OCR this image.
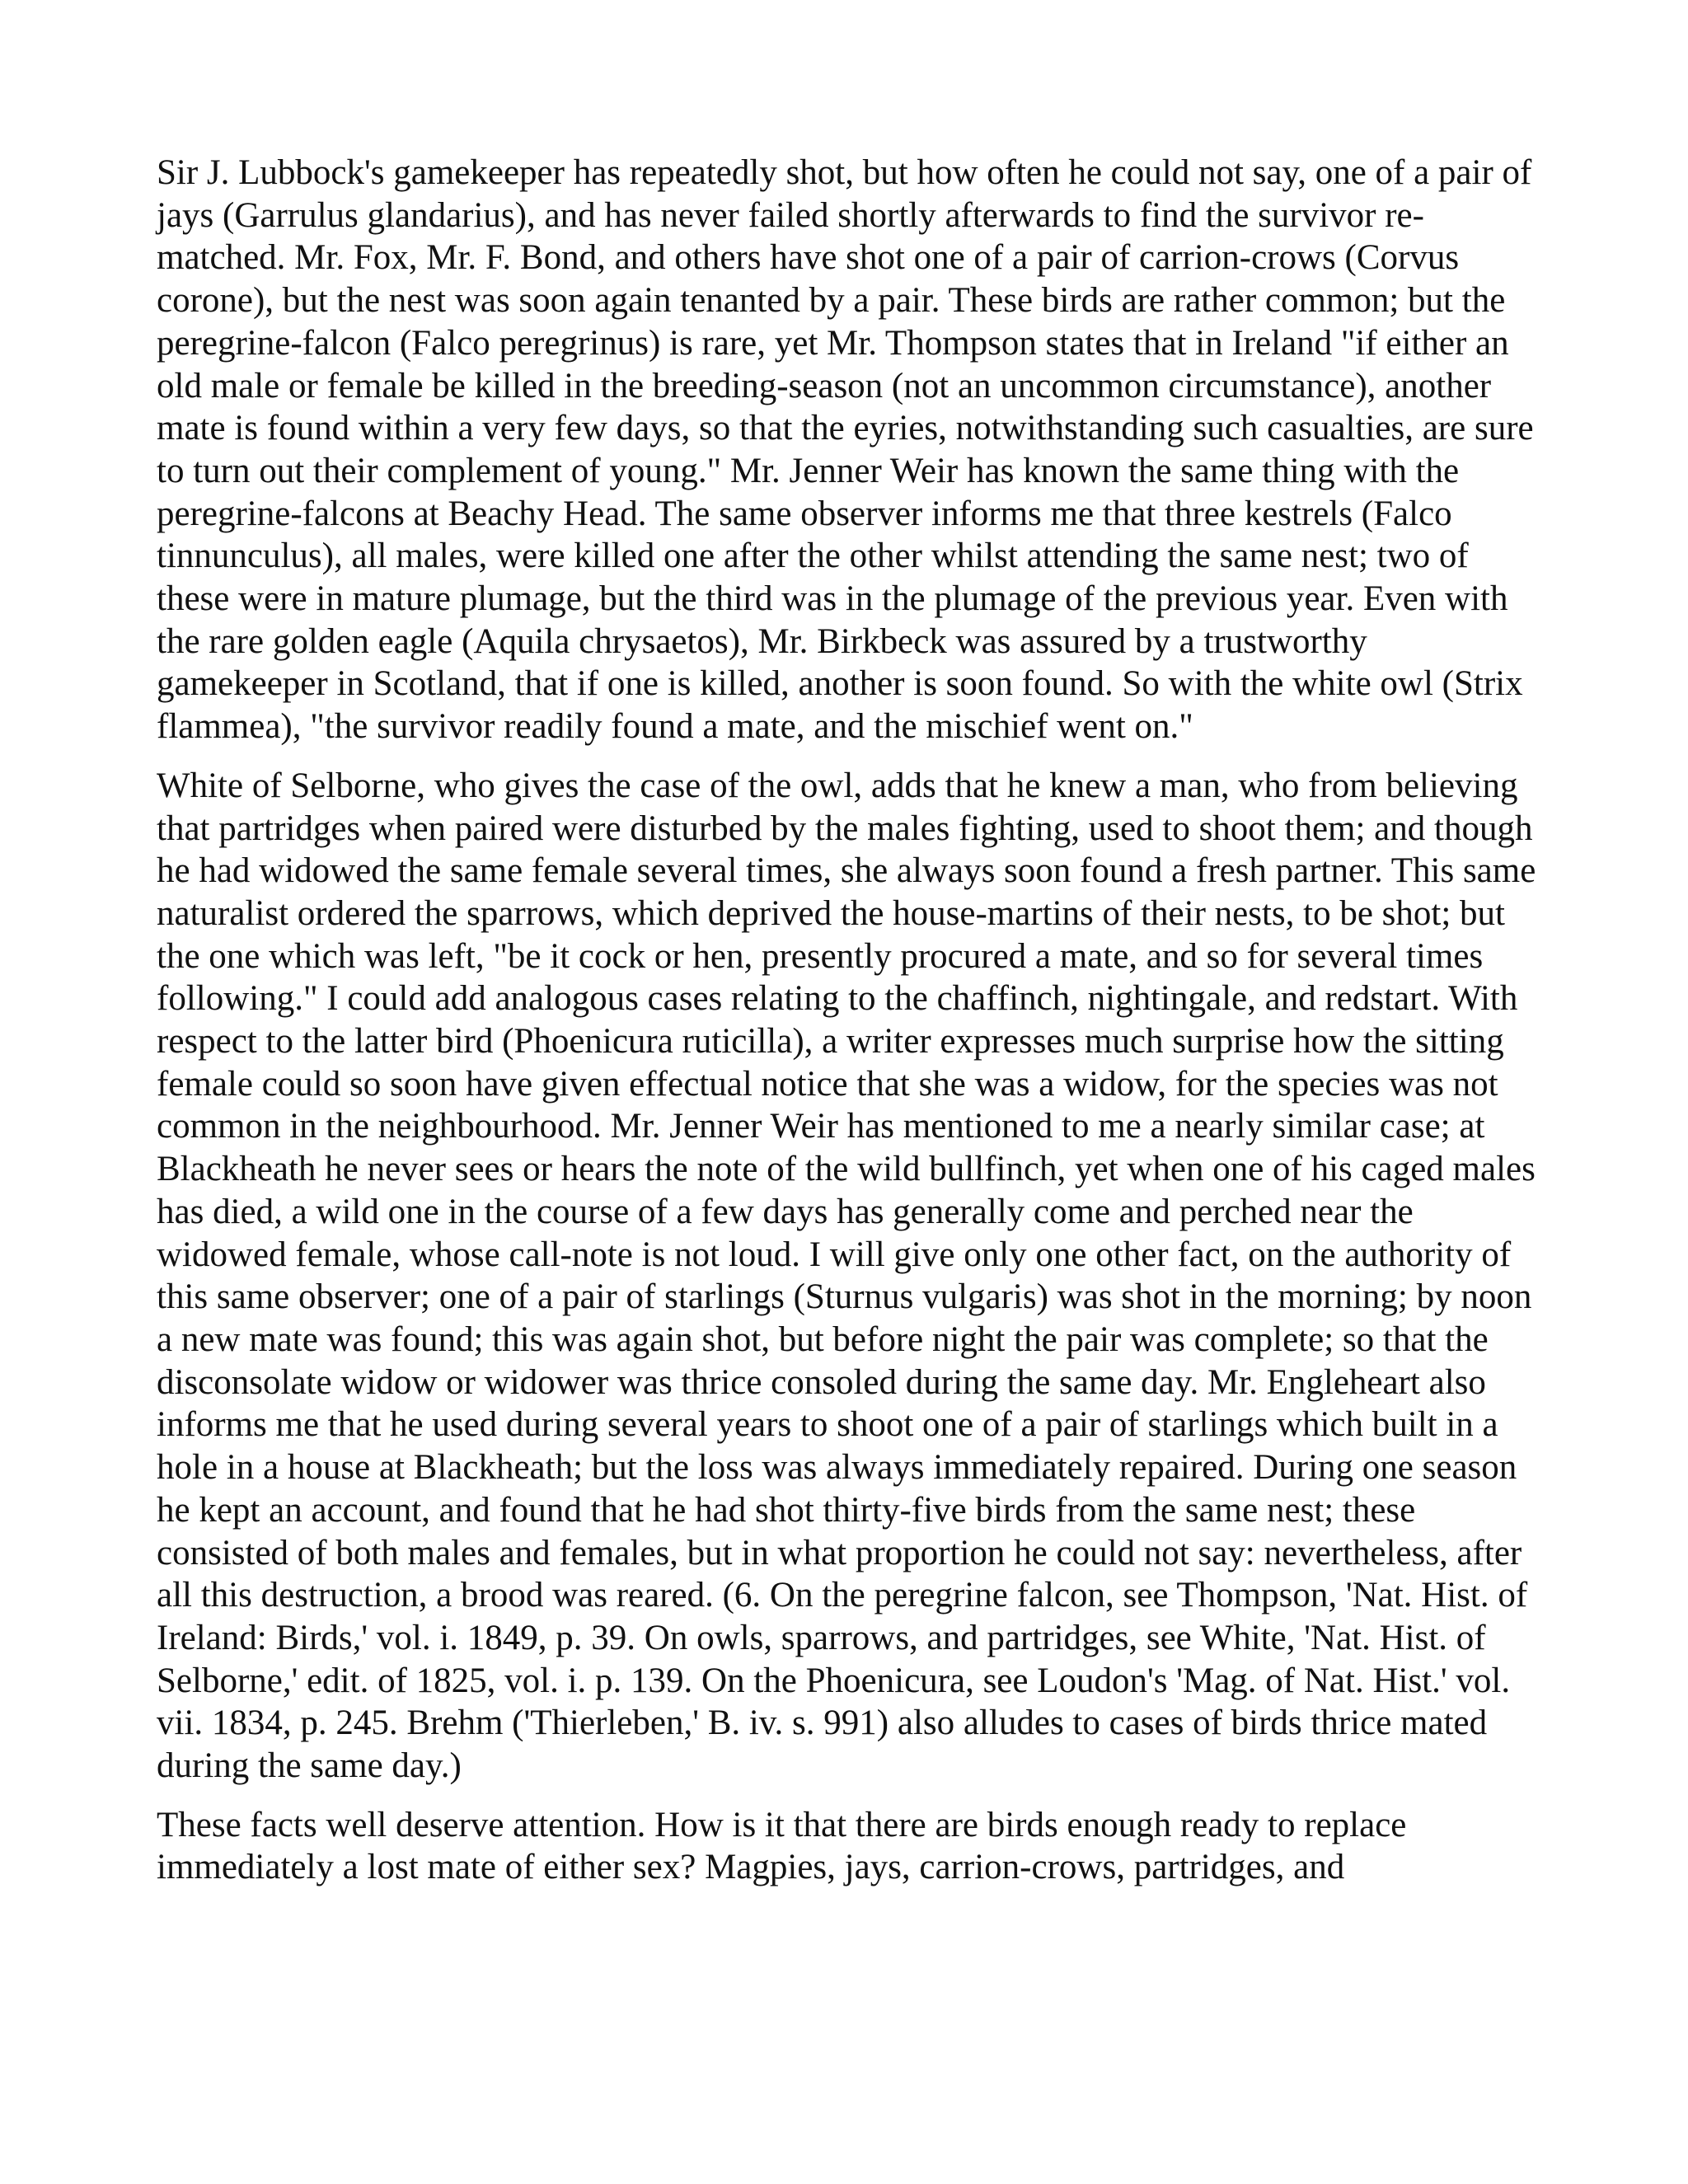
Sir J. Lubbock's gamekeeper has repeatedly shot, but how often he could not say, one of a pair of jays (Garrulus glandarius), and has never failed shortly afterwards to find the survivor re-matched. Mr. Fox, Mr. F. Bond, and others have shot one of a pair of carrion-crows (Corvus corone), but the nest was soon again tenanted by a pair. These birds are rather common; but the peregrine-falcon (Falco peregrinus) is rare, yet Mr. Thompson states that in Ireland "if either an old male or female be killed in the breeding-season (not an uncommon circumstance), another mate is found within a very few days, so that the eyries, notwithstanding such casualties, are sure to turn out their complement of young." Mr. Jenner Weir has known the same thing with the peregrine-falcons at Beachy Head. The same observer informs me that three kestrels (Falco tinnunculus), all males, were killed one after the other whilst attending the same nest; two of these were in mature plumage, but the third was in the plumage of the previous year. Even with the rare golden eagle (Aquila chrysaetos), Mr. Birkbeck was assured by a trustworthy gamekeeper in Scotland, that if one is killed, another is soon found. So with the white owl (Strix flammea), "the survivor readily found a mate, and the mischief went on."

White of Selborne, who gives the case of the owl, adds that he knew a man, who from believing that partridges when paired were disturbed by the males fighting, used to shoot them; and though he had widowed the same female several times, she always soon found a fresh partner. This same naturalist ordered the sparrows, which deprived the house-martins of their nests, to be shot; but the one which was left, "be it cock or hen, presently procured a mate, and so for several times following." I could add analogous cases relating to the chaffinch, nightingale, and redstart. With respect to the latter bird (Phoenicura ruticilla), a writer expresses much surprise how the sitting female could so soon have given effectual notice that she was a widow, for the species was not common in the neighbourhood. Mr. Jenner Weir has mentioned to me a nearly similar case; at Blackheath he never sees or hears the note of the wild bullfinch, yet when one of his caged males has died, a wild one in the course of a few days has generally come and perched near the widowed female, whose call-note is not loud. I will give only one other fact, on the authority of this same observer; one of a pair of starlings (Sturnus vulgaris) was shot in the morning; by noon a new mate was found; this was again shot, but before night the pair was complete; so that the disconsolate widow or widower was thrice consoled during the same day. Mr. Engleheart also informs me that he used during several years to shoot one of a pair of starlings which built in a hole in a house at Blackheath; but the loss was always immediately repaired. During one season he kept an account, and found that he had shot thirty-five birds from the same nest; these consisted of both males and females, but in what proportion he could not say: nevertheless, after all this destruction, a brood was reared. (6. On the peregrine falcon, see Thompson, 'Nat. Hist. of Ireland: Birds,' vol. i. 1849, p. 39. On owls, sparrows, and partridges, see White, 'Nat. Hist. of Selborne,' edit. of 1825, vol. i. p. 139. On the Phoenicura, see Loudon's 'Mag. of Nat. Hist.' vol. vii. 1834, p. 245. Brehm ('Thierleben,' B. iv. s. 991) also alludes to cases of birds thrice mated during the same day.)

These facts well deserve attention. How is it that there are birds enough ready to replace immediately a lost mate of either sex? Magpies, jays, carrion-crows, partridges, and
